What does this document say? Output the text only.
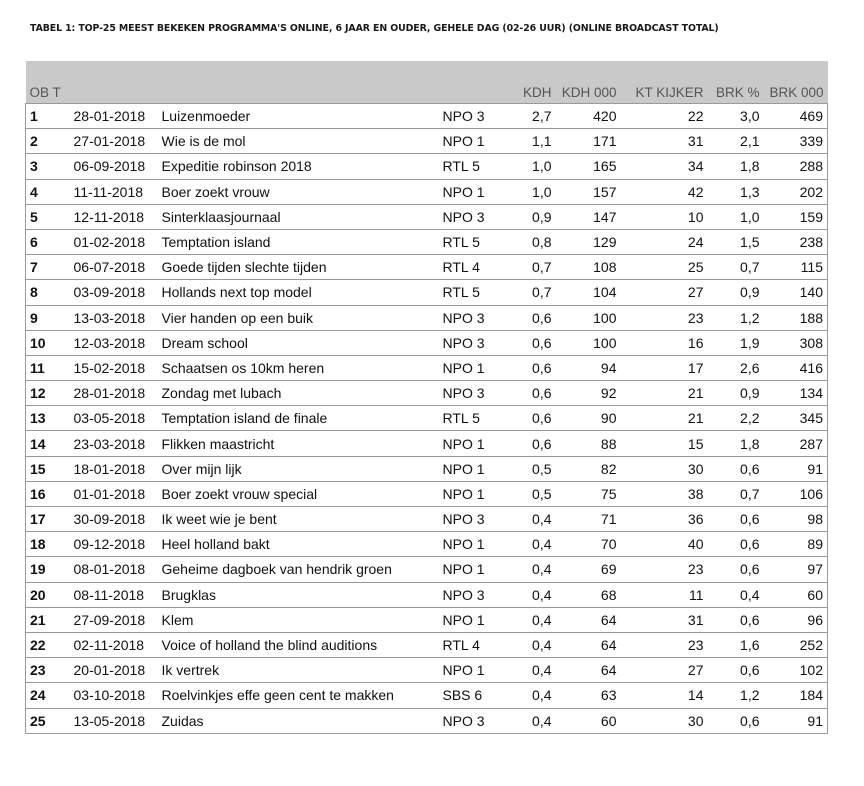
TABEL 1: TOP-25 MEEST BEKEKEN PROGRAMMA'S ONLINE, 6 JAAR EN OUDER, GEHELE DAG (02-26 UUR) (ONLINE BROADCAST TOTAL)
OB T				KDH	KDH 000	KT KIJKER	BRK %	BRK 000
1	28-01-2018	Luizenmoeder	NPO 3	2,7	420	22	3,0	469
2	27-01-2018	Wie is de mol	NPO 1	1,1	171	31	2,1	339
3	06-09-2018	Expeditie robinson 2018	RTL 5	1,0	165	34	1,8	288
4	11-11-2018	Boer zoekt vrouw	NPO 1	1,0	157	42	1,3	202
5	12-11-2018	Sinterklaasjournaal	NPO 3	0,9	147	10	1,0	159
6	01-02-2018	Temptation island	RTL 5	0,8	129	24	1,5	238
7	06-07-2018	Goede tijden slechte tijden	RTL 4	0,7	108	25	0,7	115
8	03-09-2018	Hollands next top model	RTL 5	0,7	104	27	0,9	140
9	13-03-2018	Vier handen op een buik	NPO 3	0,6	100	23	1,2	188
10	12-03-2018	Dream school	NPO 3	0,6	100	16	1,9	308
11	15-02-2018	Schaatsen os 10km heren	NPO 1	0,6	94	17	2,6	416
12	28-01-2018	Zondag met lubach	NPO 3	0,6	92	21	0,9	134
13	03-05-2018	Temptation island de finale	RTL 5	0,6	90	21	2,2	345
14	23-03-2018	Flikken maastricht	NPO 1	0,6	88	15	1,8	287
15	18-01-2018	Over mijn lijk	NPO 1	0,5	82	30	0,6	91
16	01-01-2018	Boer zoekt vrouw special	NPO 1	0,5	75	38	0,7	106
17	30-09-2018	Ik weet wie je bent	NPO 3	0,4	71	36	0,6	98
18	09-12-2018	Heel holland bakt	NPO 1	0,4	70	40	0,6	89
19	08-01-2018	Geheime dagboek van hendrik groen	NPO 1	0,4	69	23	0,6	97
20	08-11-2018	Brugklas	NPO 3	0,4	68	11	0,4	60
21	27-09-2018	Klem	NPO 1	0,4	64	31	0,6	96
22	02-11-2018	Voice of holland the blind auditions	RTL 4	0,4	64	23	1,6	252
23	20-01-2018	Ik vertrek	NPO 1	0,4	64	27	0,6	102
24	03-10-2018	Roelvinkjes effe geen cent te makken	SBS 6	0,4	63	14	1,2	184
25	13-05-2018	Zuidas	NPO 3	0,4	60	30	0,6	91
